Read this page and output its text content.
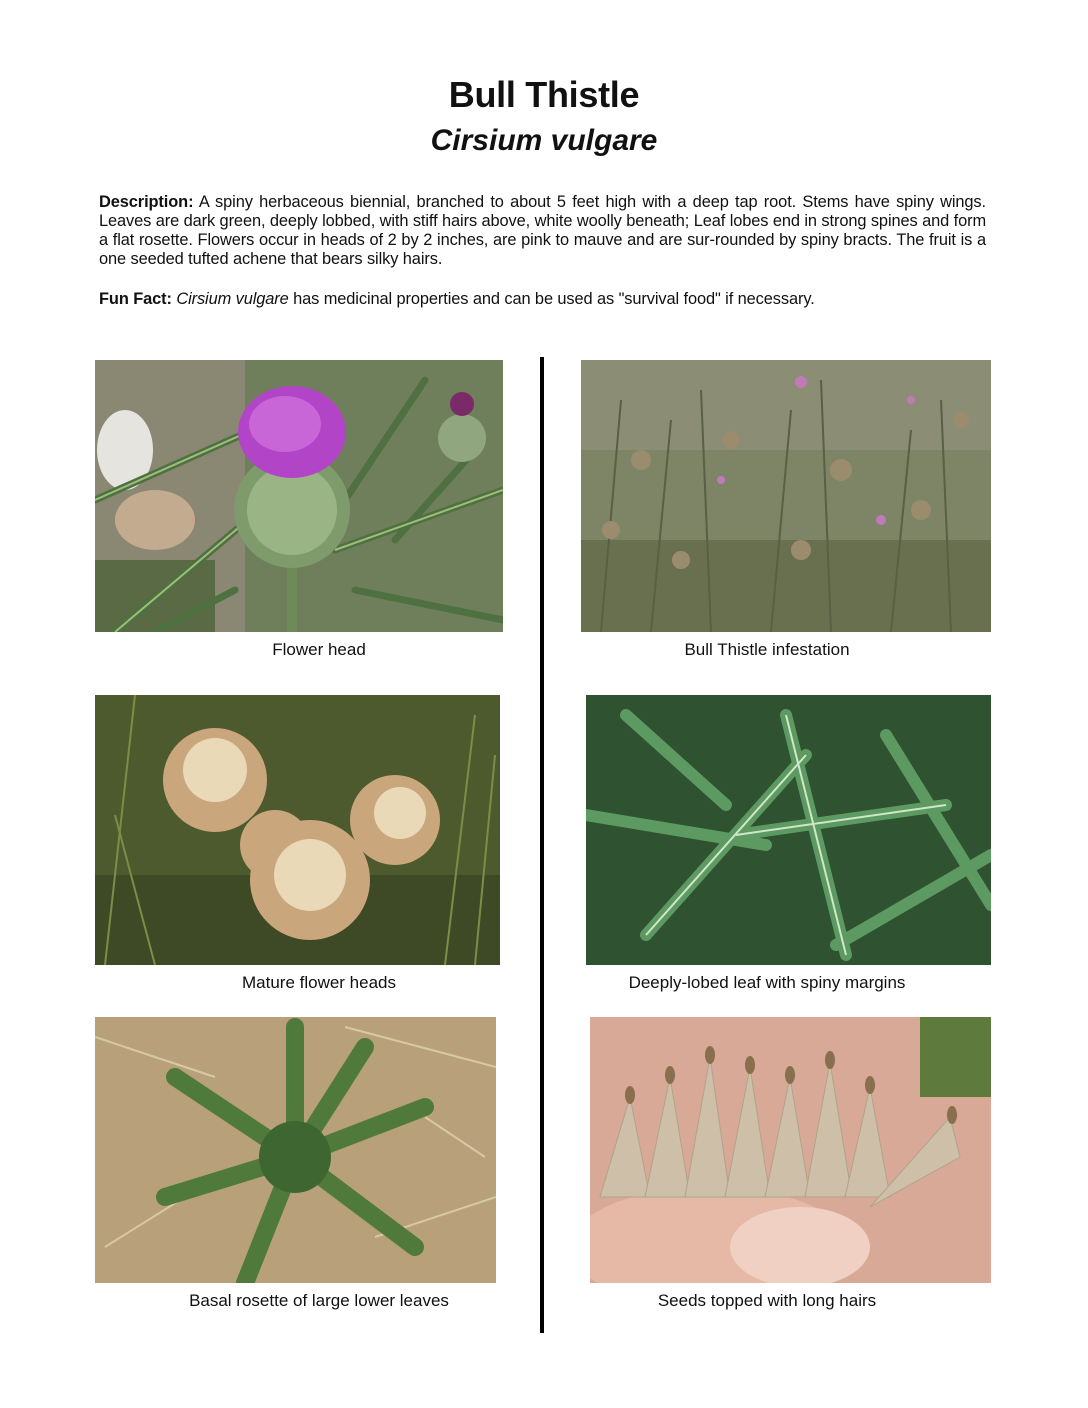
Bull Thistle
Cirsium vulgare
Description: A spiny herbaceous biennial, branched to about 5 feet high with a deep tap root. Stems have spiny wings. Leaves are dark green, deeply lobbed, with stiff hairs above, white woolly beneath; Leaf lobes end in strong spines and form a flat rosette. Flowers occur in heads of 2 by 2 inches, are pink to mauve and are sur-rounded by spiny bracts. The fruit is a one seeded tufted achene that bears silky hairs.
Fun Fact: Cirsium vulgare has medicinal properties and can be used as "survival food" if necessary.
Flower head	Bull Thistle infestation
Mature flower heads	Deeply-lobed leaf with spiny margins
Basal rosette of large lower leaves	Seeds topped with long hairs
